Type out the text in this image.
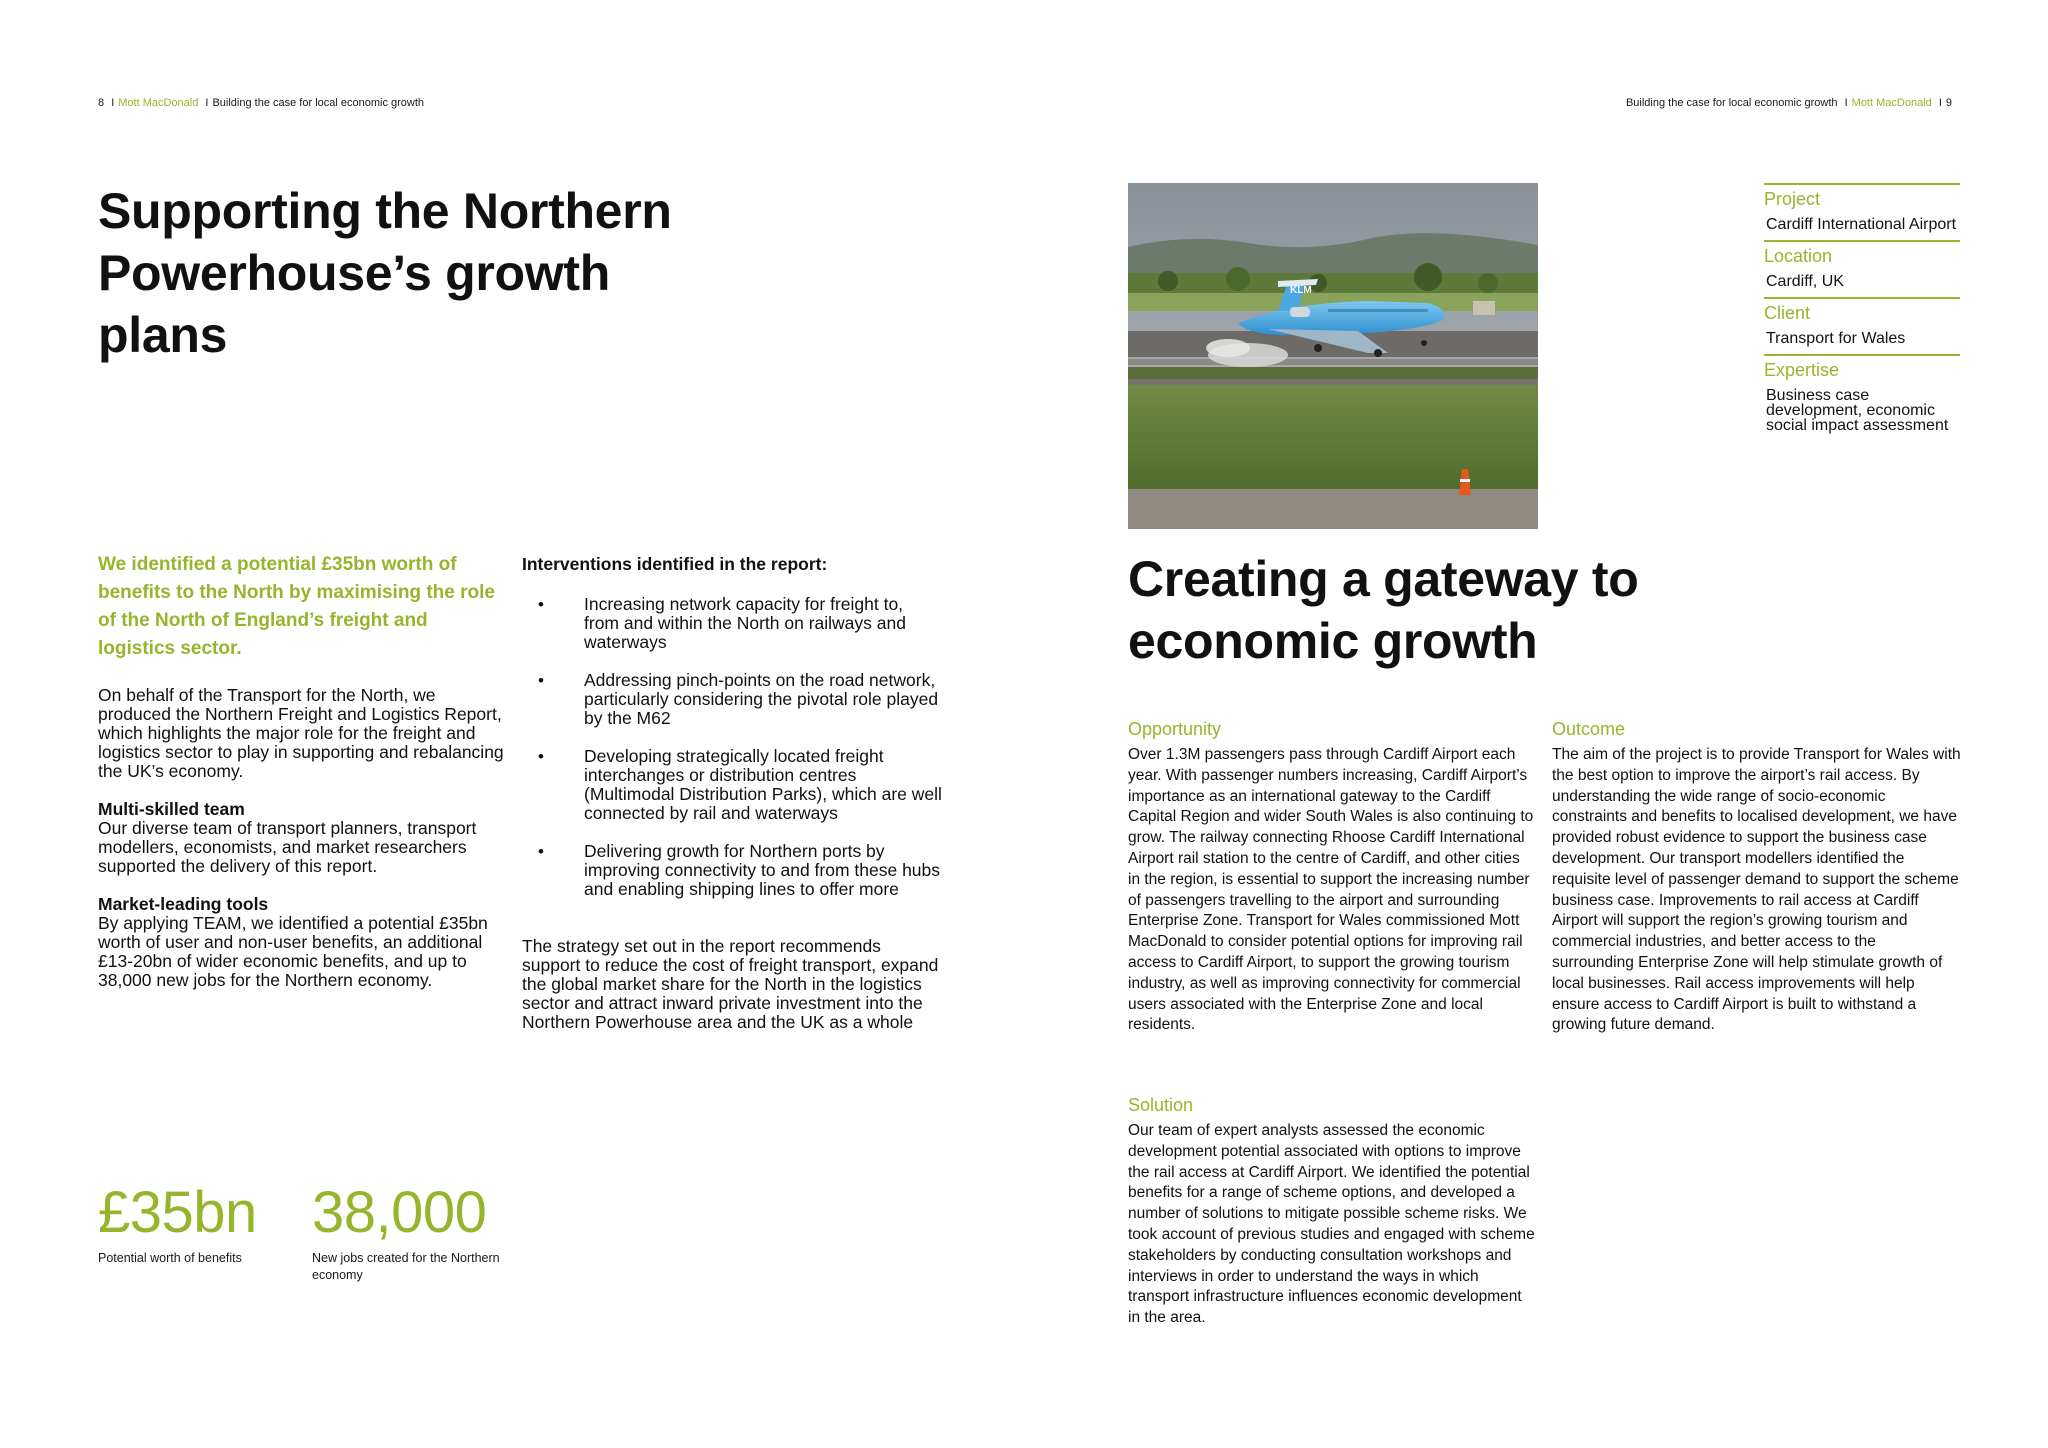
8 I Mott MacDonald I Building the case for local economic growth	Building the case for local economic growth I Mott MacDonald I 9
Supporting the Northern Powerhouse’s growth plans

We identified a potential £35bn worth of benefits to the North by maximising the role of the North of England’s freight and logistics sector.

On behalf of the Transport for the North, we produced the Northern Freight and Logistics Report, which highlights the major role for the freight and logistics sector to play in supporting and rebalancing the UK’s economy.

Multi-skilled team
Our diverse team of transport planners, transport modellers, economists, and market researchers supported the delivery of this report.
Market-leading tools
By applying TEAM, we identified a potential £35bn worth of user and non-user benefits, an additional £13-20bn of wider economic benefits, and up to 38,000 new jobs for the Northern economy.
Interventions identified in the report:
• Increasing network capacity for freight to, from and within the North on railways and waterways
• Addressing pinch-points on the road network, particularly considering the pivotal role played by the M62
• Developing strategically located freight interchanges or distribution centres (Multimodal Distribution Parks), which are well connected by rail and waterways
• Delivering growth for Northern ports by improving connectivity to and from these hubs and enabling shipping lines to offer more

The strategy set out in the report recommends support to reduce the cost of freight transport, expand the global market share for the North in the logistics sector and attract inward private investment into the Northern Powerhouse area and the UK as a whole

£35bn

Potential worth of benefits

38,000

New jobs created for the Northern economy

KLM

Project

Cardiff International Airport

Location

Cardiff, UK

Client

Transport for Wales

Expertise

Business case development, economic social impact assessment

Creating a gateway to economic growth

Opportunity

Over 1.3M passengers pass through Cardiff Airport each year. With passenger numbers increasing, Cardiff Airport’s importance as an international gateway to the Cardiff Capital Region and wider South Wales is also continuing to grow. The railway connecting Rhoose Cardiff International Airport rail station to the centre of Cardiff, and other cities in the region, is essential to support the increasing number of passengers travelling to the airport and surrounding Enterprise Zone. Transport for Wales commissioned Mott MacDonald to consider potential options for improving rail access to Cardiff Airport, to support the growing tourism industry, as well as improving connectivity for commercial users associated with the Enterprise Zone and local residents.

Solution

Our team of expert analysts assessed the economic development potential associated with options to improve the rail access at Cardiff Airport. We identified the potential benefits for a range of scheme options, and developed a number of solutions to mitigate possible scheme risks. We took account of previous studies and engaged with scheme stakeholders by conducting consultation workshops and interviews in order to understand the ways in which transport infrastructure influences economic development in the area.

Outcome

The aim of the project is to provide Transport for Wales with the best option to improve the airport’s rail access. By understanding the wide range of socio-economic constraints and benefits to localised development, we have provided robust evidence to support the business case development. Our transport modellers identified the requisite level of passenger demand to support the scheme business case. Improvements to rail access at Cardiff Airport will support the region’s growing tourism and commercial industries, and better access to the surrounding Enterprise Zone will help stimulate growth of local businesses. Rail access improvements will help ensure access to Cardiff Airport is built to withstand a growing future demand.
